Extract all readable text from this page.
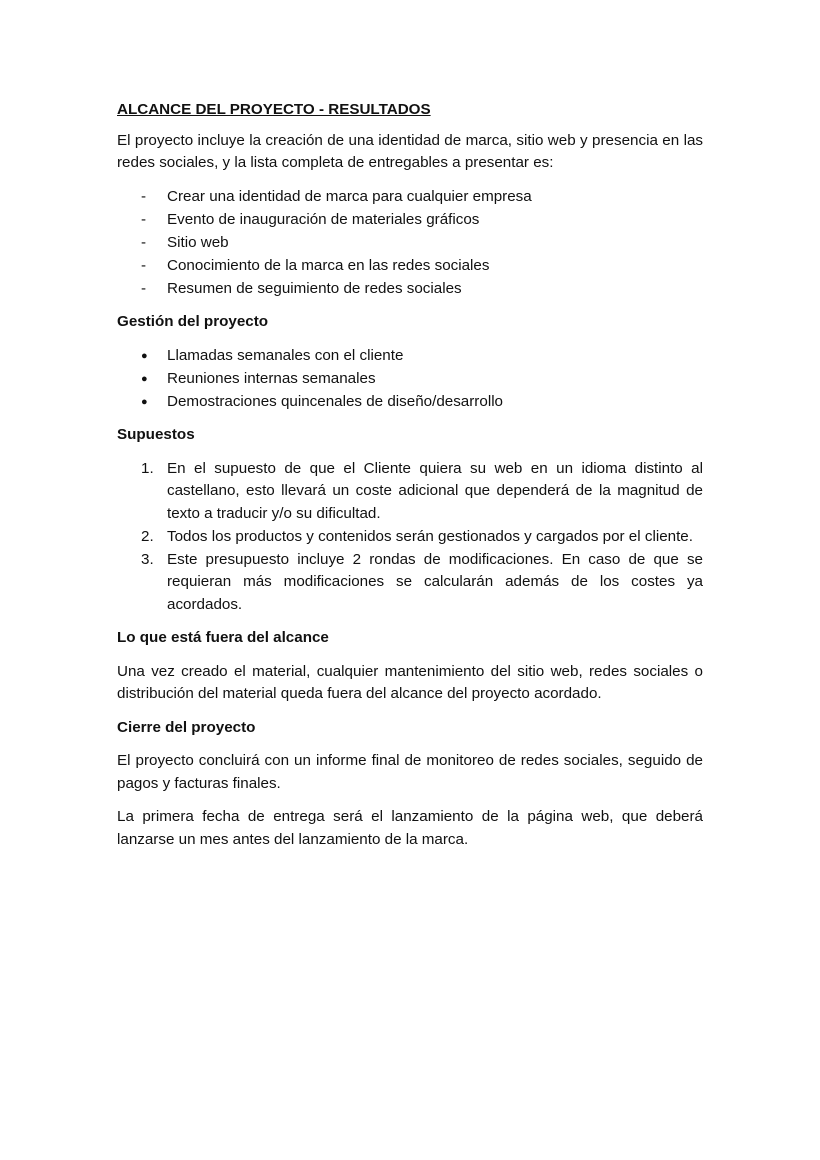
ALCANCE DEL PROYECTO - RESULTADOS

El proyecto incluye la creación de una identidad de marca, sitio web y presencia en las redes sociales, y la lista completa de entregables a presentar es:

- Crear una identidad de marca para cualquier empresa
- Evento de inauguración de materiales gráficos
- Sitio web
- Conocimiento de la marca en las redes sociales
- Resumen de seguimiento de redes sociales
Gestión del proyecto
● Llamadas semanales con el cliente
● Reuniones internas semanales
● Demostraciones quincenales de diseño/desarrollo
Supuestos
1. En el supuesto de que el Cliente quiera su web en un idioma distinto al castellano, esto llevará un coste adicional que dependerá de la magnitud de texto a traducir y/o su dificultad.
2. Todos los productos y contenidos serán gestionados y cargados por el cliente.
3. Este presupuesto incluye 2 rondas de modificaciones. En caso de que se requieran más modificaciones se calcularán además de los costes ya acordados.
Lo que está fuera del alcance

Una vez creado el material, cualquier mantenimiento del sitio web, redes sociales o distribución del material queda fuera del alcance del proyecto acordado.

Cierre del proyecto

El proyecto concluirá con un informe final de monitoreo de redes sociales, seguido de pagos y facturas finales.

La primera fecha de entrega será el lanzamiento de la página web, que deberá lanzarse un mes antes del lanzamiento de la marca.
